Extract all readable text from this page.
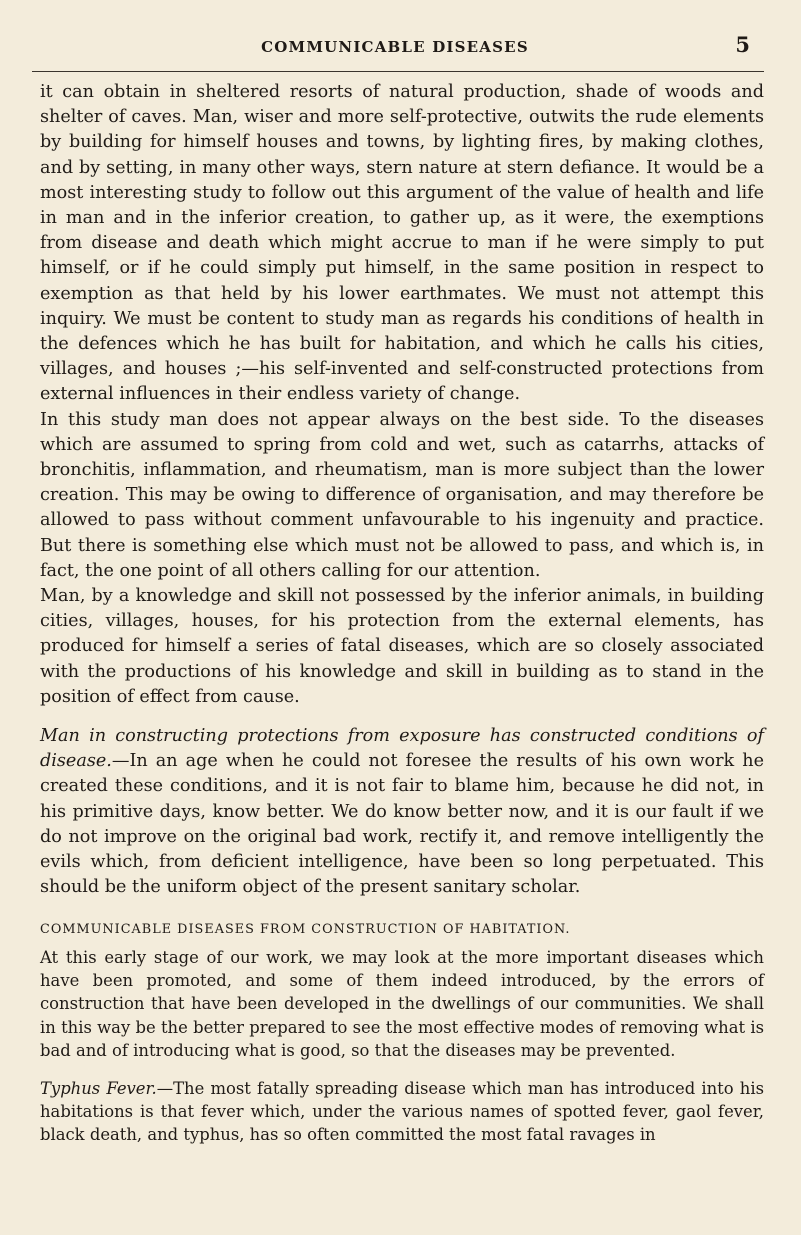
COMMUNICABLE DISEASES	5

it can obtain in sheltered resorts of natural production, shade of woods and shelter of caves. Man, wiser and more self-protective, outwits the rude elements by building for himself houses and towns, by lighting fires, by making clothes, and by setting, in many other ways, stern nature at stern defiance. It would be a most interesting study to follow out this argument of the value of health and life in man and in the inferior creation, to gather up, as it were, the exemptions from disease and death which might accrue to man if he were simply to put himself, or if he could simply put himself, in the same position in respect to exemption as that held by his lower earthmates. We must not attempt this inquiry. We must be content to study man as regards his conditions of health in the defences which he has built for habitation, and which he calls his cities, villages, and houses ;—his self-invented and self-constructed protections from external influences in their endless variety of change.

In this study man does not appear always on the best side. To the diseases which are assumed to spring from cold and wet, such as catarrhs, attacks of bronchitis, inflammation, and rheumatism, man is more subject than the lower creation. This may be owing to difference of organisation, and may therefore be allowed to pass without comment unfavourable to his ingenuity and practice. But there is something else which must not be allowed to pass, and which is, in fact, the one point of all others calling for our attention.

Man, by a knowledge and skill not possessed by the inferior animals, in building cities, villages, houses, for his protection from the external elements, has produced for himself a series of fatal diseases, which are so closely associated with the productions of his knowledge and skill in building as to stand in the position of effect from cause.

Man in constructing protections from exposure has constructed conditions of disease.—In an age when he could not foresee the results of his own work he created these conditions, and it is not fair to blame him, because he did not, in his primitive days, know better. We do know better now, and it is our fault if we do not improve on the original bad work, rectify it, and remove intelligently the evils which, from deficient intelligence, have been so long perpetuated. This should be the uniform object of the present sanitary scholar.

COMMUNICABLE DISEASES FROM CONSTRUCTION OF HABITATION.

At this early stage of our work, we may look at the more important diseases which have been promoted, and some of them indeed introduced, by the errors of construction that have been developed in the dwellings of our communities. We shall in this way be the better prepared to see the most effective modes of removing what is bad and of introducing what is good, so that the diseases may be prevented.

Typhus Fever.—The most fatally spreading disease which man has introduced into his habitations is that fever which, under the various names of spotted fever, gaol fever, black death, and typhus, has so often committed the most fatal ravages in
